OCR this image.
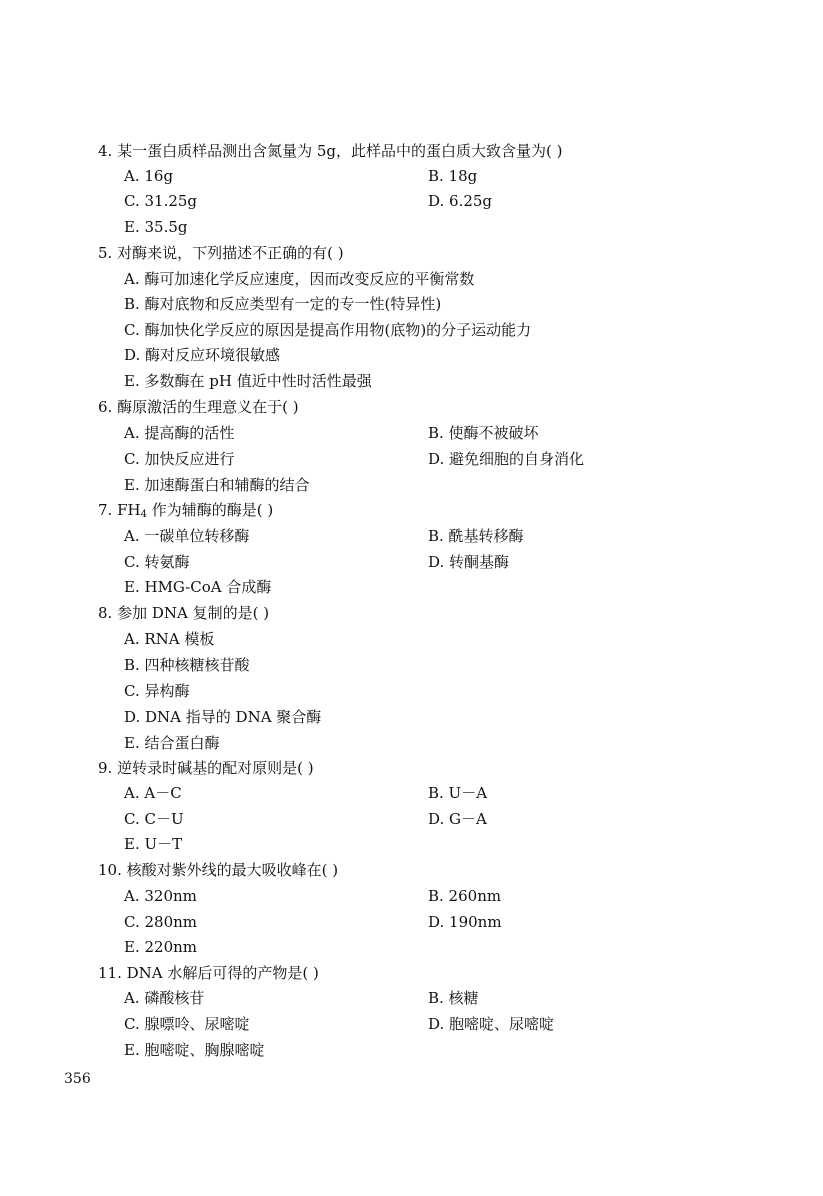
4. 某一蛋白质样品测出含氮量为 5g，此样品中的蛋白质大致含量为( )
A. 16g	B. 18g
C. 31.25g	D. 6.25g
E. 35.5g
5. 对酶来说，下列描述不正确的有( )
A. 酶可加速化学反应速度，因而改变反应的平衡常数
B. 酶对底物和反应类型有一定的专一性(特异性)
C. 酶加快化学反应的原因是提高作用物(底物)的分子运动能力
D. 酶对反应环境很敏感
E. 多数酶在 pH 值近中性时活性最强
6. 酶原激活的生理意义在于( )
A. 提高酶的活性	B. 使酶不被破坏
C. 加快反应进行	D. 避免细胞的自身消化
E. 加速酶蛋白和辅酶的结合
7. $FH_4$ 作为辅酶的酶是( )
A. 一碳单位转移酶	B. 酰基转移酶
C. 转氨酶	D. 转酮基酶
E. HMG-CoA 合成酶
8. 参加 DNA 复制的是( )
A. RNA 模板
B. 四种核糖核苷酸
C. 异构酶
D. DNA 指导的 DNA 聚合酶
E. 结合蛋白酶
9. 逆转录时碱基的配对原则是( )
A. A－C	B. U－A
C. C－U	D. G－A
E. U－T
10. 核酸对紫外线的最大吸收峰在( )
A. 320nm	B. 260nm
C. 280nm	D. 190nm
E. 220nm
11. DNA 水解后可得的产物是( )
A. 磷酸核苷	B. 核糖
C. 腺嘌呤、尿嘧啶	D. 胞嘧啶、尿嘧啶
E. 胞嘧啶、胸腺嘧啶
356
